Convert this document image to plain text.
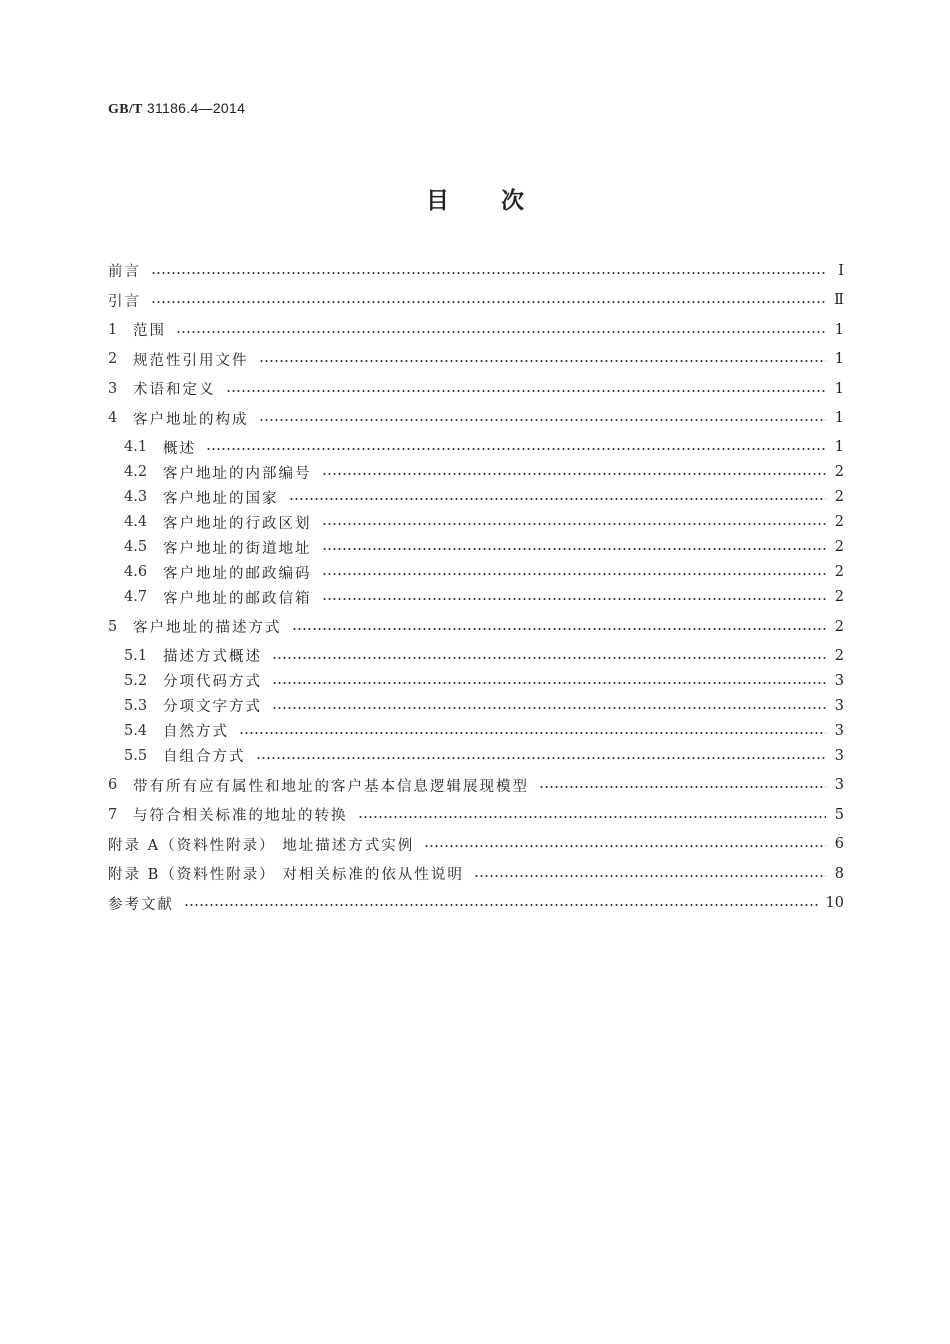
GB/T 31186.4—2014
目 次
前言	Ⅰ
引言	Ⅱ
1	范围	1
2	规范性引用文件	1
3	术语和定义	1
4	客户地址的构成	1
4.1	概述	1
4.2	客户地址的内部编号	2
4.3	客户地址的国家	2
4.4	客户地址的行政区划	2
4.5	客户地址的街道地址	2
4.6	客户地址的邮政编码	2
4.7	客户地址的邮政信箱	2
5	客户地址的描述方式	2
5.1	描述方式概述	2
5.2	分项代码方式	3
5.3	分项文字方式	3
5.4	自然方式	3
5.5	自组合方式	3
6	带有所有应有属性和地址的客户基本信息逻辑展现模型	3
7	与符合相关标准的地址的转换	5
附录 A（资料性附录） 地址描述方式实例	6
附录 B（资料性附录） 对相关标准的依从性说明	8
参考文献	10
